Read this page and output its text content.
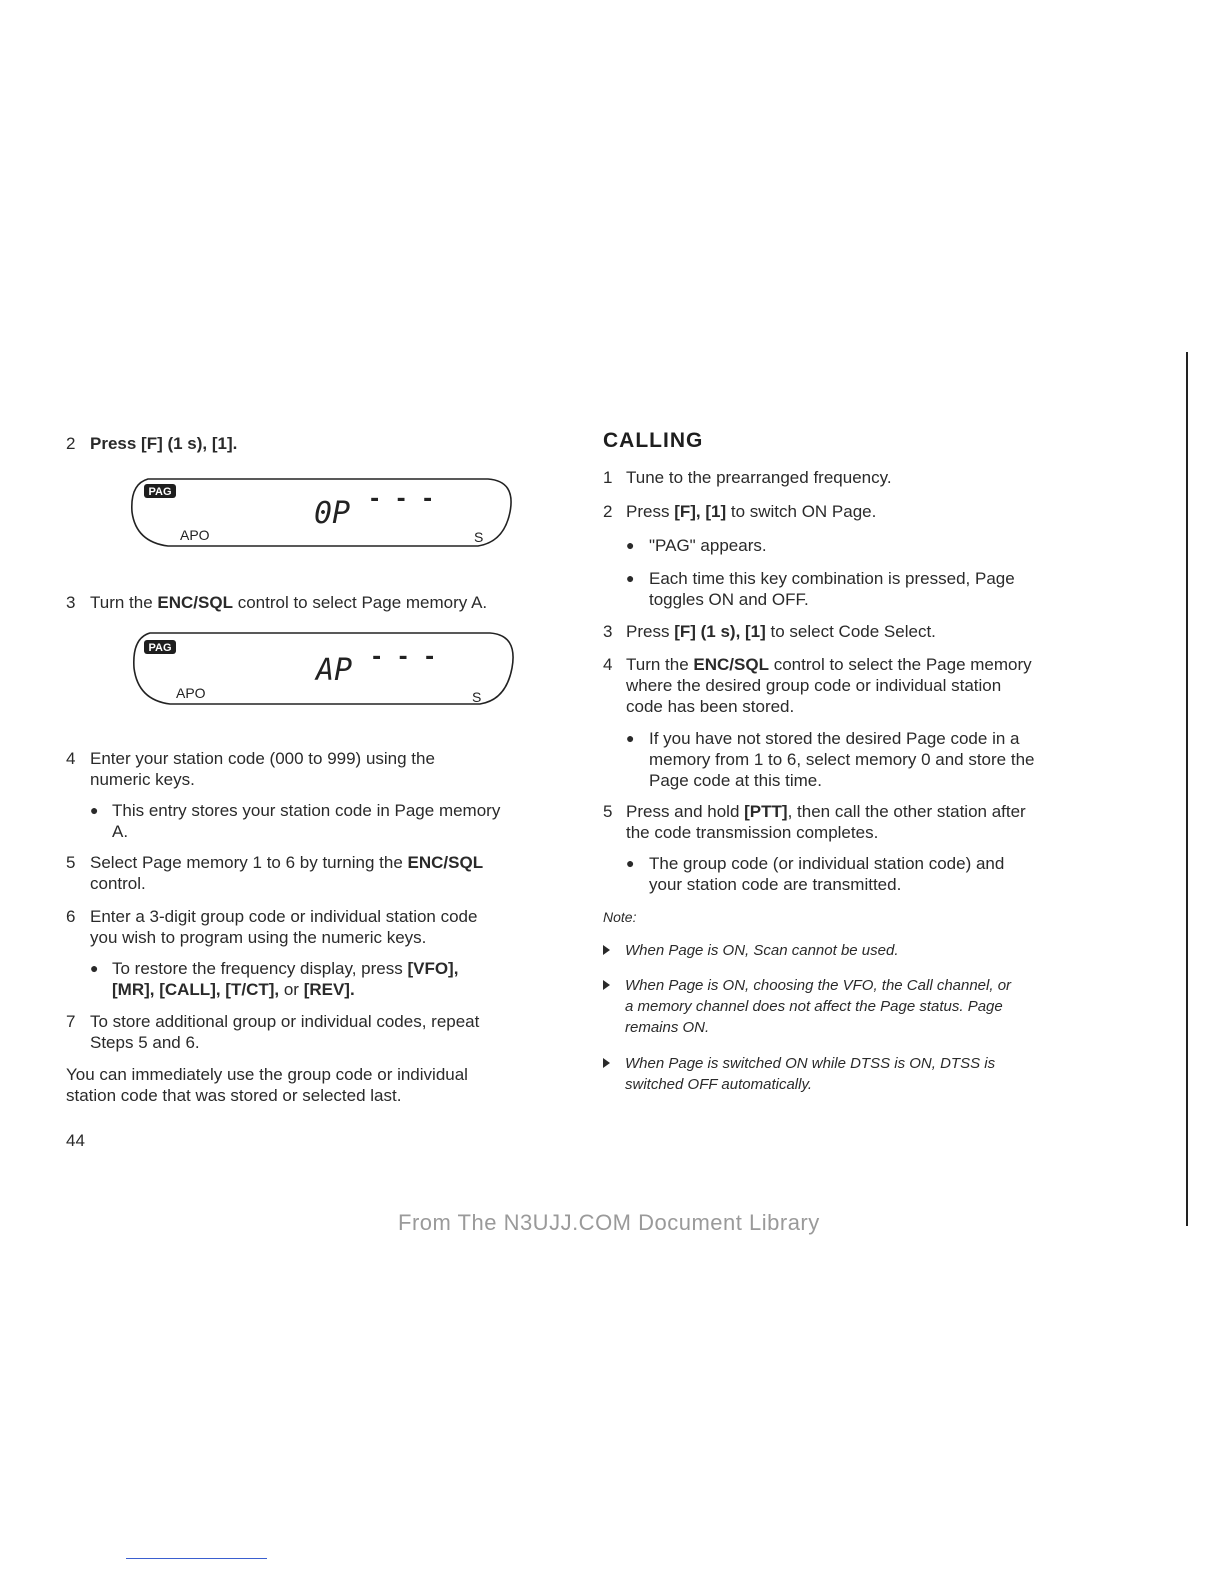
2 Press [F] (1 s), [1].
PAG
APO
0P - - -
S
3 Turn the ENC/SQL control to select Page memory A.
PAG
APO
AP - - -
S
4 Enter your station code (000 to 999) using the
numeric keys.
● This entry stores your station code in Page memory
A.
5 Select Page memory 1 to 6 by turning the ENC/SQL
control.
6 Enter a 3-digit group code or individual station code
you wish to program using the numeric keys.
● To restore the frequency display, press [VFO],
[MR], [CALL], [T/CT], or [REV].
7 To store additional group or individual codes, repeat
Steps 5 and 6.
You can immediately use the group code or individual
station code that was stored or selected last.
CALLING
1 Tune to the prearranged frequency.
2 Press [F], [1] to switch ON Page.
● "PAG" appears.
● Each time this key combination is pressed, Page
toggles ON and OFF.
3 Press [F] (1 s), [1] to select Code Select.
4 Turn the ENC/SQL control to select the Page memory
where the desired group code or individual station
code has been stored.
● If you have not stored the desired Page code in a
memory from 1 to 6, select memory 0 and store the
Page code at this time.
5 Press and hold [PTT], then call the other station after
the code transmission completes.
● The group code (or individual station code) and
your station code are transmitted.
Note:
When Page is ON, Scan cannot be used.
When Page is ON, choosing the VFO, the Call channel, or
a memory channel does not affect the Page status. Page
remains ON.
When Page is switched ON while DTSS is ON, DTSS is
switched OFF automatically.
44
From The N3UJJ.COM Document Library
